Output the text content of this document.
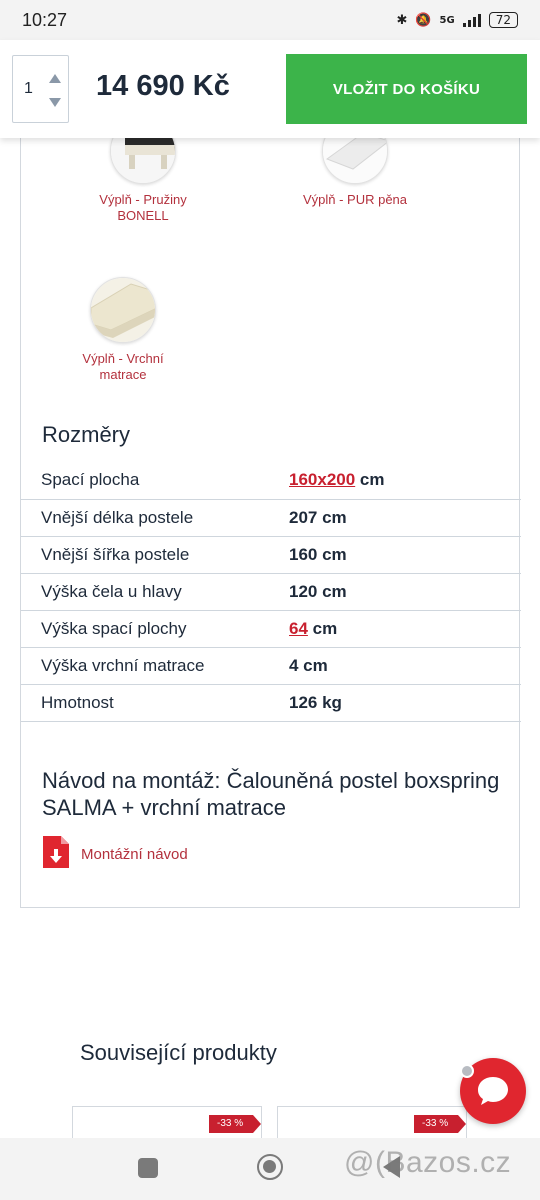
10:27	✱ 🔕 5G	72
1 14 690 Kč	VLOŽIT DO KOŠÍKU
Výplň - Pružiny
BONELL
Výplň - PUR pěna
Výplň - Vrchní
matrace
Rozměry
Spací plocha	160x200 cm
Vnější délka postele	207 cm
Vnější šířka postele	160 cm
Výška čela u hlavy	120 cm
Výška spací plochy	64 cm
Výška vrchní matrace	4 cm
Hmotnost	126 kg
Návod na montáž: Čalouněná postel boxspring SALMA + vrchní matrace
Montážní návod
Související produkty
-33 %	-33 %
@(Bazos.cz
